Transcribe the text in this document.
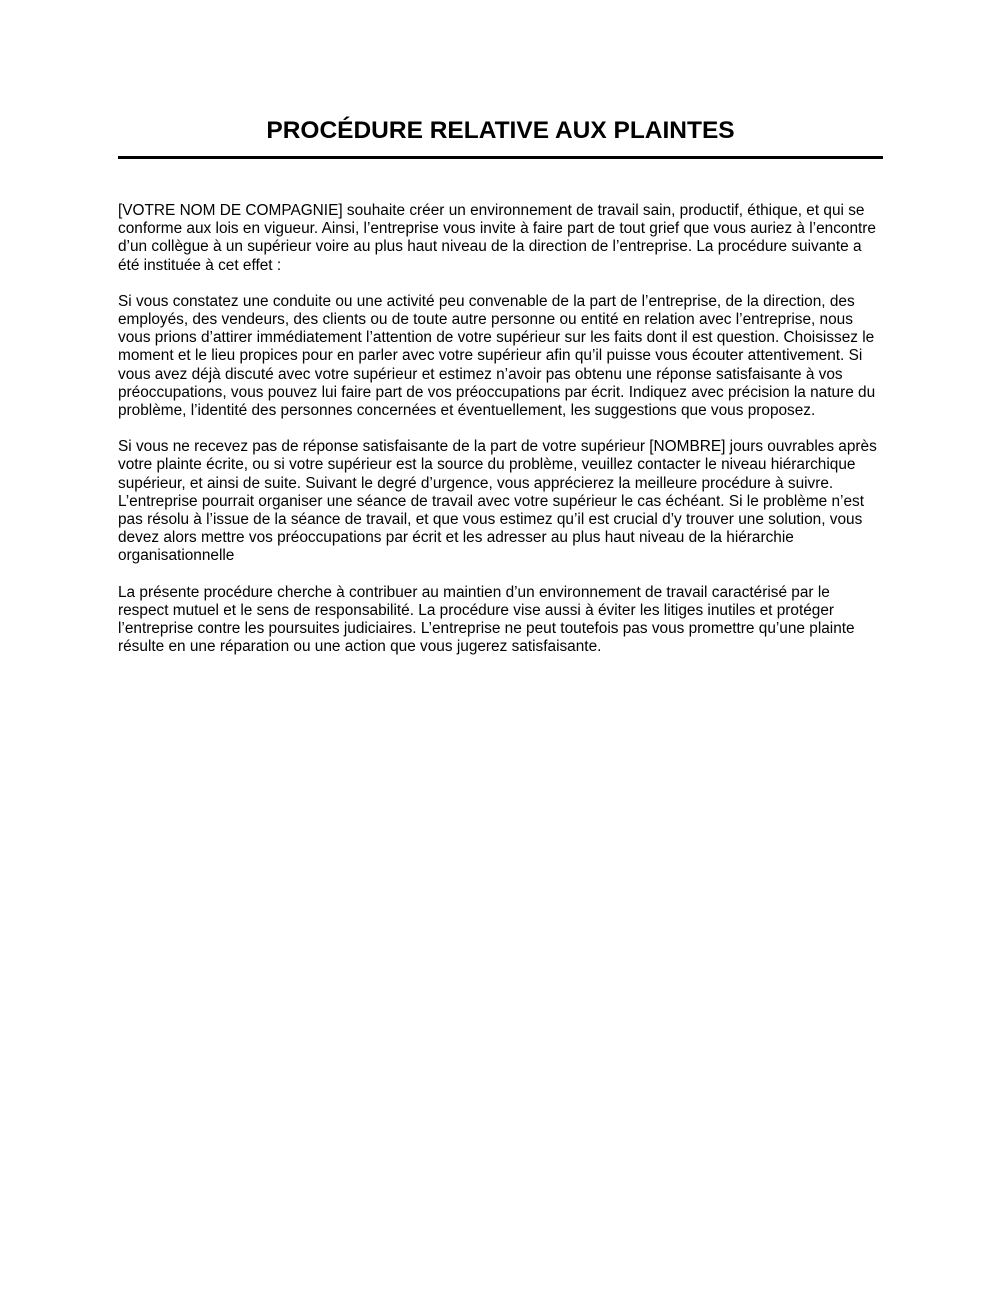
PROCÉDURE RELATIVE AUX PLAINTES

[VOTRE NOM DE COMPAGNIE] souhaite créer un environnement de travail sain, productif, éthique, et qui se conforme aux lois en vigueur. Ainsi, l’entreprise vous invite à faire part de tout grief que vous auriez à l’encontre d’un collègue à un supérieur voire au plus haut niveau de la direction de l’entreprise. La procédure suivante a été instituée à cet effet :

Si vous constatez une conduite ou une activité peu convenable de la part de l’entreprise, de la direction, des employés, des vendeurs, des clients ou de toute autre personne ou entité en relation avec l’entreprise, nous vous prions d’attirer immédiatement l’attention de votre supérieur sur les faits dont il est question. Choisissez le moment et le lieu propices pour en parler avec votre supérieur afin qu’il puisse vous écouter attentivement. Si vous avez déjà discuté avec votre supérieur et estimez n’avoir pas obtenu une réponse satisfaisante à vos préoccupations, vous pouvez lui faire part de vos préoccupations par écrit. Indiquez avec précision la nature du problème, l’identité des personnes concernées et éventuellement, les suggestions que vous proposez.

Si vous ne recevez pas de réponse satisfaisante de la part de votre supérieur [NOMBRE] jours ouvrables après votre plainte écrite, ou si votre supérieur est la source du problème, veuillez contacter le niveau hiérarchique supérieur, et ainsi de suite. Suivant le degré d’urgence, vous apprécierez la meilleure procédure à suivre. L’entreprise pourrait organiser une séance de travail avec votre supérieur le cas échéant. Si le problème n’est pas résolu à l’issue de la séance de travail, et que vous estimez qu’il est crucial d’y trouver une solution, vous devez alors mettre vos préoccupations par écrit et les adresser au plus haut niveau de la hiérarchie organisationnelle

La présente procédure cherche à contribuer au maintien d’un environnement de travail caractérisé par le respect mutuel et le sens de responsabilité. La procédure vise aussi à éviter les litiges inutiles et protéger l’entreprise contre les poursuites judiciaires. L’entreprise ne peut toutefois pas vous promettre qu’une plainte résulte en une réparation ou une action que vous jugerez satisfaisante.
